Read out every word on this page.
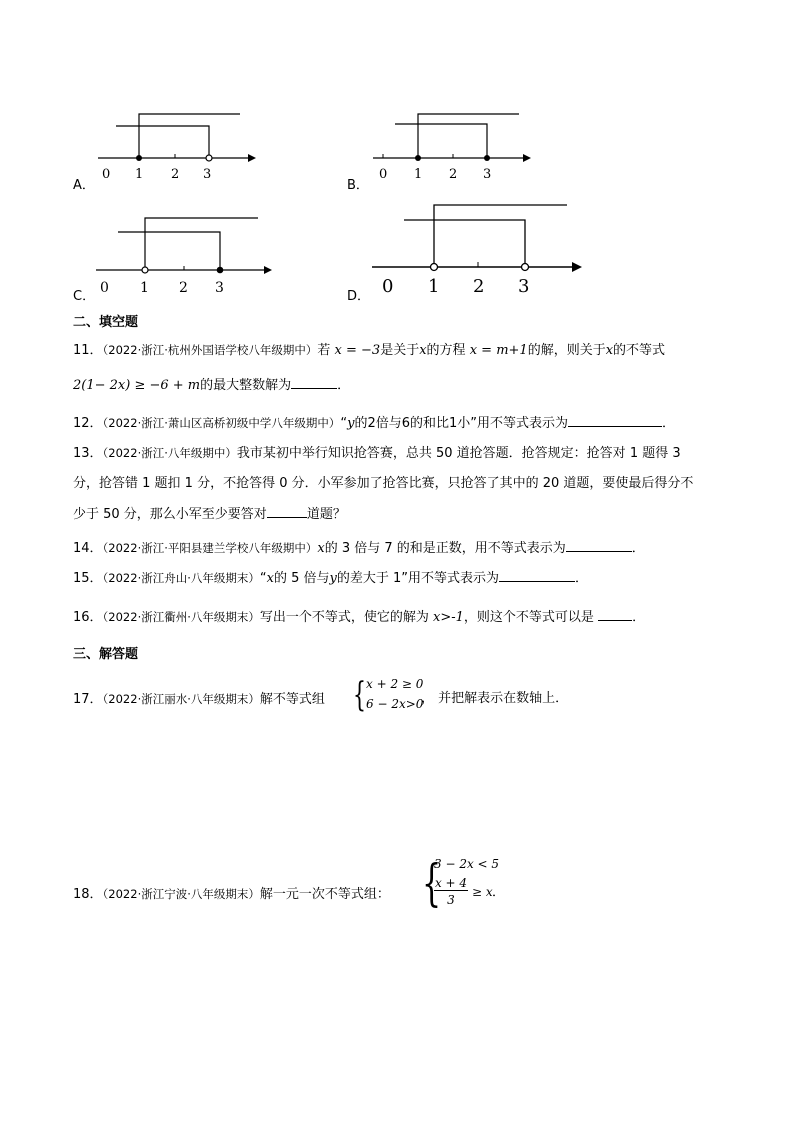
A．
0 1 2 3
B．
0 1 2 3
C．
0 1 2 3
D． 0 1 2 3
二、填空题
11．（2022·浙江·杭州外国语学校八年级期中）若 x = −3是关于x的方程 x = m+1的解，则关于x的不等式
2(1− 2x) ≥ −6 + m的最大整数解为	．
12．（2022·浙江·萧山区高桥初级中学八年级期中）“y的2倍与6的和比1小”用不等式表示为	．
13．（2022·浙江·八年级期中）我市某初中举行知识抢答赛，总共 50 道抢答题．抢答规定：抢答对 1 题得 3
分，抢答错 1 题扣 1 分，不抢答得 0 分．小军参加了抢答比赛，只抢答了其中的 20 道题，要使最后得分不
少于 50 分，那么小军至少要答对	道题？
14．（2022·浙江·平阳县建兰学校八年级期中）x的 3 倍与 7 的和是正数，用不等式表示为	．
15．（2022·浙江舟山·八年级期末）“x的 5 倍与y的差大于 1”用不等式表示为	．
16．（2022·浙江衢州·八年级期末）写出一个不等式，使它的解为 x>-1，则这个不等式可以是	．
三、解答题
17．（2022·浙江丽水·八年级期末）解不等式组 { x + 2 ≥ 0
6 − 2x>0
， 并把解表示在数轴上．
18．（2022·浙江宁波·八年级期末）解一元一次不等式组： {
3 − 2x < 5
x + 4
3
≥ x ．
